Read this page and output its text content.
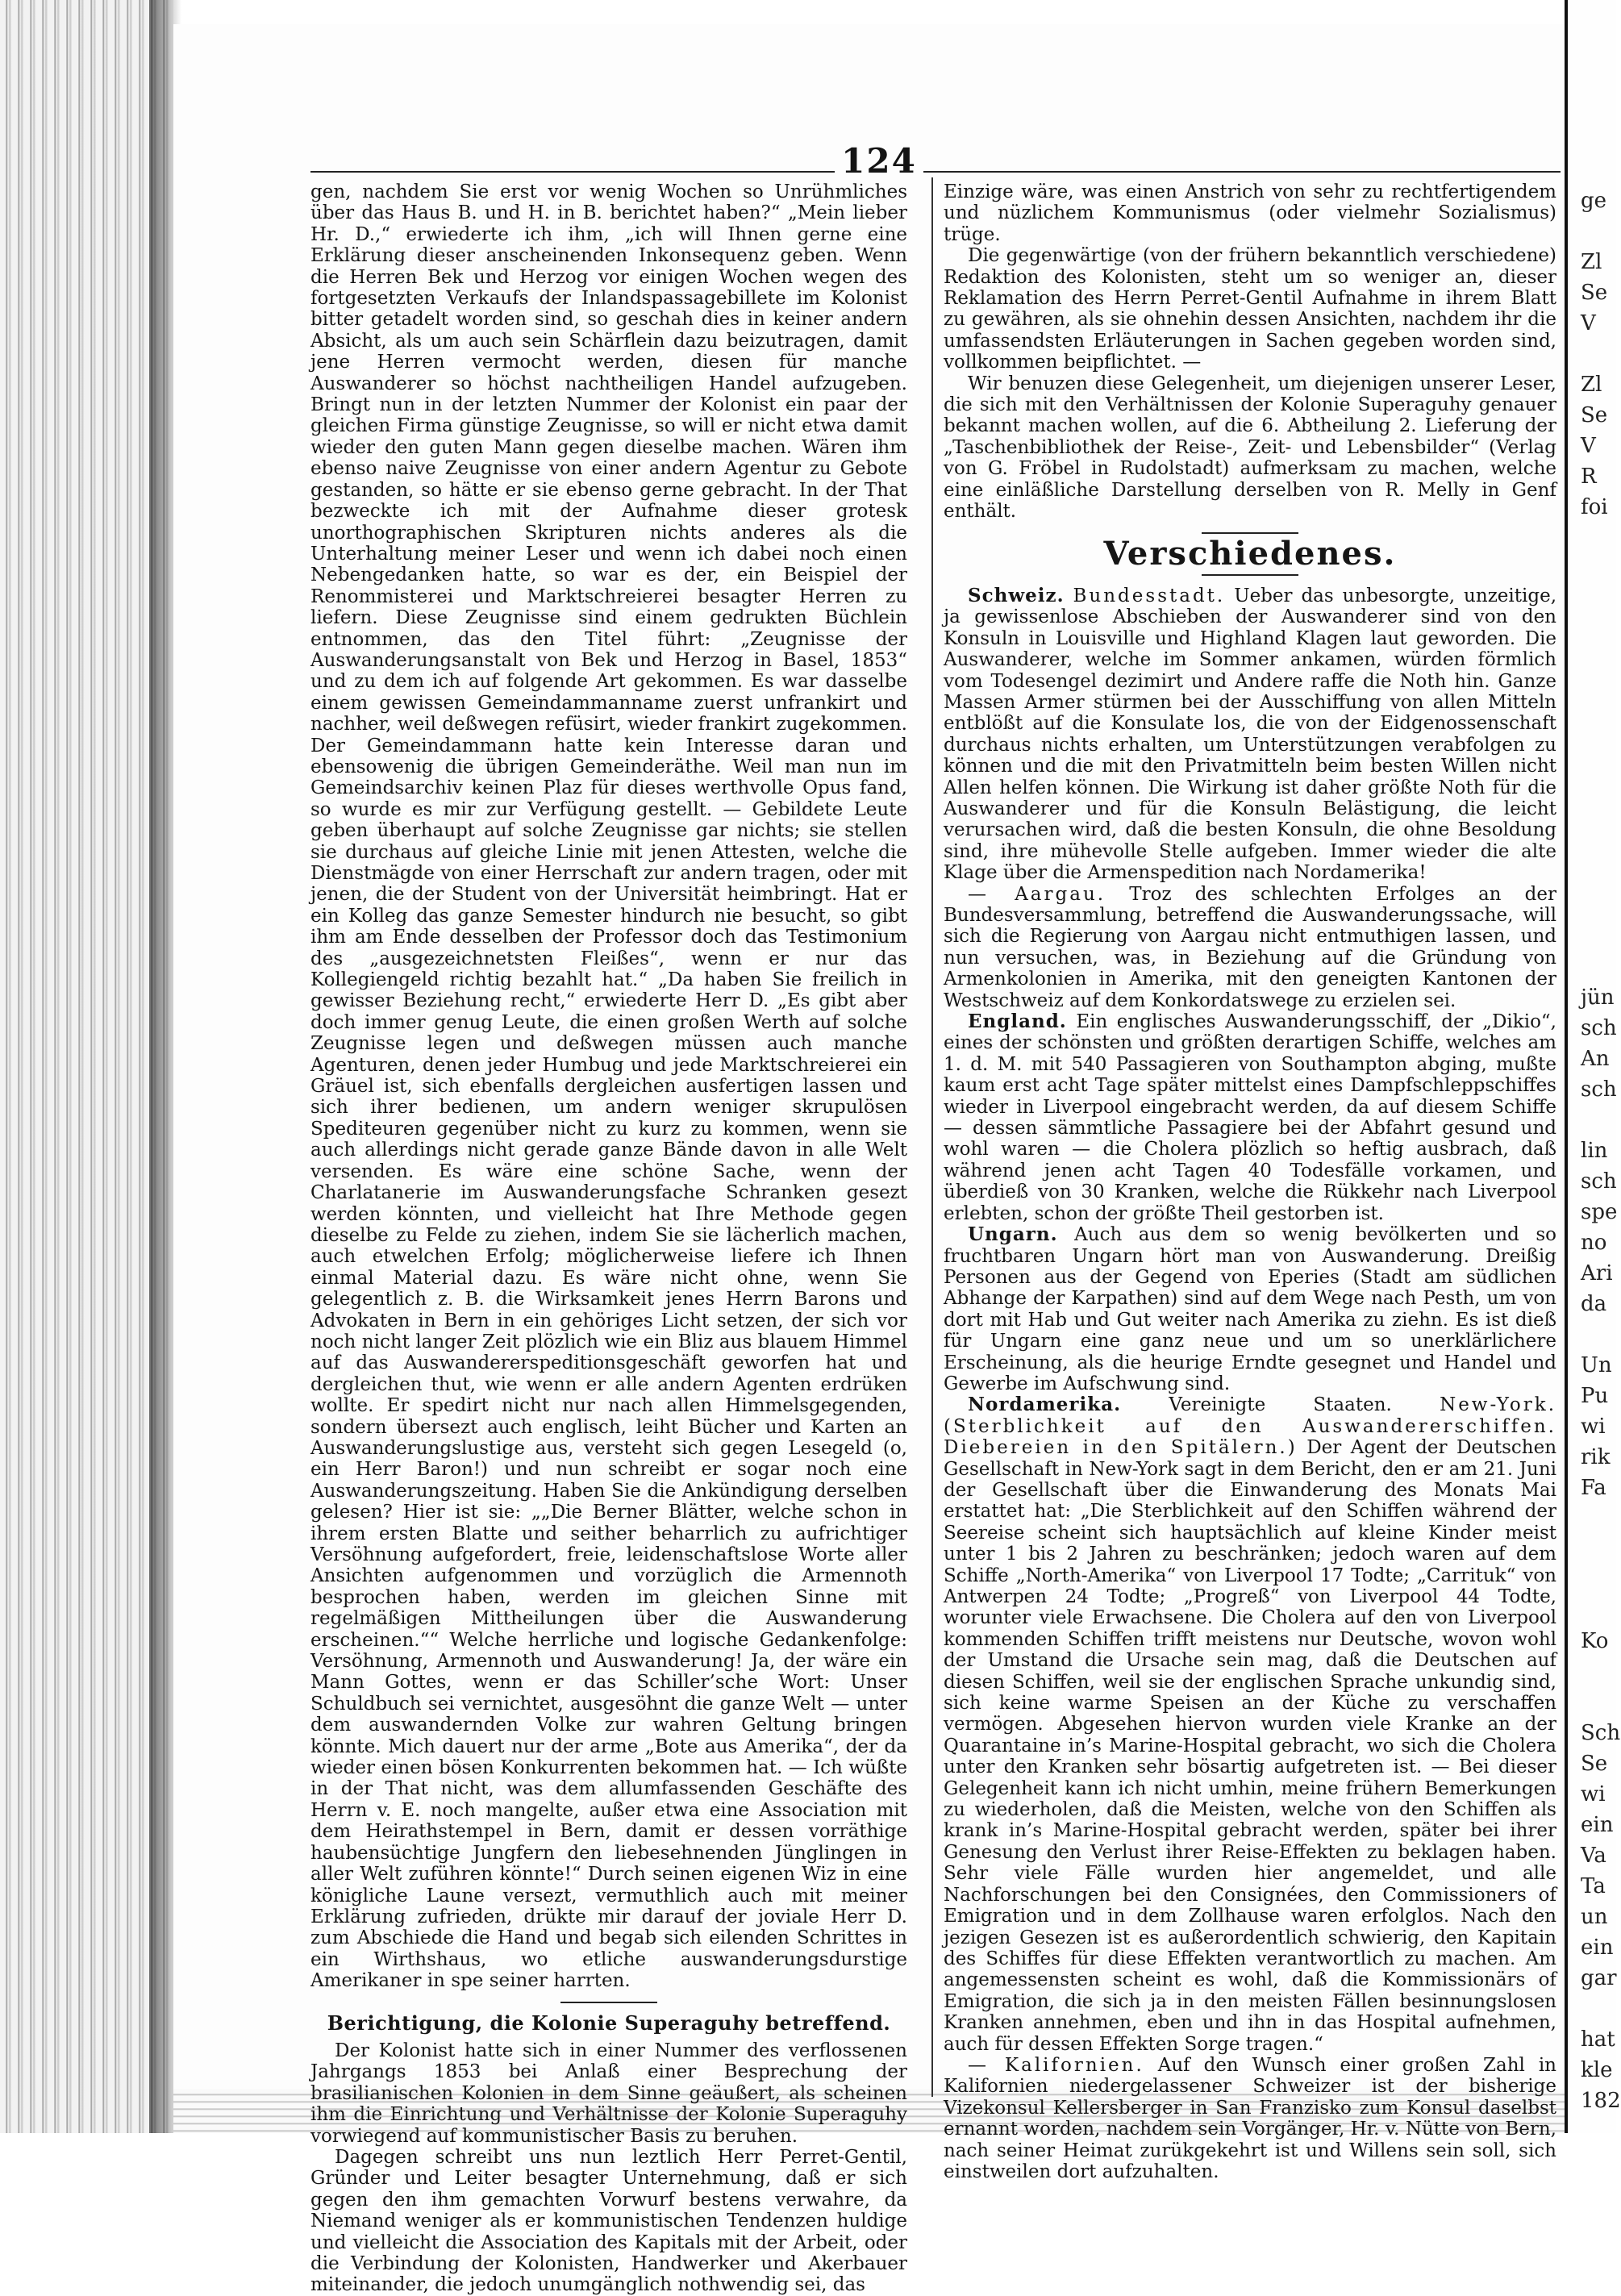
ge

Zl
Se
V

Zl
Se
V
R
foi

jün
sch
An
sch

lin
sch
spe
no
Ari
da

Un
Pu
wi
rik
Fa

Ko

Sch
Se
wi
ein
Va
Ta
un
ein
gar

hat
kle
182
124

gen, nachdem Sie erst vor wenig Wochen so Unrühmliches über das Haus B. und H. in B. berichtet haben?“ „Mein lieber Hr. D.,“ erwiederte ich ihm, „ich will Ihnen gerne eine Erklärung dieser anscheinenden Inkonsequenz geben. Wenn die Herren Bek und Herzog vor einigen Wochen wegen des fortgesetzten Verkaufs der Inlandspassagebillete im Kolonist bitter getadelt worden sind, so geschah dies in keiner andern Absicht, als um auch sein Schärflein dazu beizutragen, damit jene Herren vermocht werden, diesen für manche Auswanderer so höchst nachtheiligen Handel aufzugeben. Bringt nun in der letzten Nummer der Kolonist ein paar der gleichen Firma günstige Zeugnisse, so will er nicht etwa damit wieder den guten Mann gegen dieselbe machen. Wären ihm ebenso naive Zeugnisse von einer andern Agentur zu Gebote gestanden, so hätte er sie ebenso gerne gebracht. In der That bezweckte ich mit der Aufnahme dieser grotesk unorthographischen Skripturen nichts anderes als die Unterhaltung meiner Leser und wenn ich dabei noch einen Nebengedanken hatte, so war es der, ein Beispiel der Renommisterei und Marktschreierei besagter Herren zu liefern. Diese Zeugnisse sind einem gedrukten Büchlein entnommen, das den Titel führt: „Zeugnisse der Auswanderungsanstalt von Bek und Herzog in Basel, 1853“ und zu dem ich auf folgende Art gekommen. Es war dasselbe einem gewissen Gemeindammanname zuerst unfrankirt und nachher, weil deßwegen refüsirt, wieder frankirt zugekommen. Der Gemeindammann hatte kein Interesse daran und ebensowenig die übrigen Gemeinderäthe. Weil man nun im Gemeindsarchiv keinen Plaz für dieses werthvolle Opus fand, so wurde es mir zur Verfügung gestellt. — Gebildete Leute geben überhaupt auf solche Zeugnisse gar nichts; sie stellen sie durchaus auf gleiche Linie mit jenen Attesten, welche die Dienstmägde von einer Herrschaft zur andern tragen, oder mit jenen, die der Student von der Universität heimbringt. Hat er ein Kolleg das ganze Semester hindurch nie besucht, so gibt ihm am Ende desselben der Professor doch das Testimonium des „ausgezeichnetsten Fleißes“, wenn er nur das Kollegiengeld richtig bezahlt hat.“ „Da haben Sie freilich in gewisser Beziehung recht,“ erwiederte Herr D. „Es gibt aber doch immer genug Leute, die einen großen Werth auf solche Zeugnisse legen und deßwegen müssen auch manche Agenturen, denen jeder Humbug und jede Marktschreierei ein Gräuel ist, sich ebenfalls dergleichen ausfertigen lassen und sich ihrer bedienen, um andern weniger skrupulösen Spediteuren gegenüber nicht zu kurz zu kommen, wenn sie auch allerdings nicht gerade ganze Bände davon in alle Welt versenden. Es wäre eine schöne Sache, wenn der Charlatanerie im Auswanderungsfache Schranken gesezt werden könnten, und vielleicht hat Ihre Methode gegen dieselbe zu Felde zu ziehen, indem Sie sie lächerlich machen, auch etwelchen Erfolg; möglicherweise liefere ich Ihnen einmal Material dazu. Es wäre nicht ohne, wenn Sie gelegentlich z. B. die Wirksamkeit jenes Herrn Barons und Advokaten in Bern in ein gehöriges Licht setzen, der sich vor noch nicht langer Zeit plözlich wie ein Bliz aus blauem Himmel auf das Auswandererspeditionsgeschäft geworfen hat und dergleichen thut, wie wenn er alle andern Agenten erdrüken wollte. Er spedirt nicht nur nach allen Himmelsgegenden, sondern übersezt auch englisch, leiht Bücher und Karten an Auswanderungslustige aus, versteht sich gegen Lesegeld (o, ein Herr Baron!) und nun schreibt er sogar noch eine Auswanderungszeitung. Haben Sie die Ankündigung derselben gelesen? Hier ist sie: „„Die Berner Blätter, welche schon in ihrem ersten Blatte und seither beharrlich zu aufrichtiger Versöhnung aufgefordert, freie, leidenschaftslose Worte aller Ansichten aufgenommen und vorzüglich die Armennoth besprochen haben, werden im gleichen Sinne mit regelmäßigen Mittheilungen über die Auswanderung erscheinen.““ Welche herrliche und logische Gedankenfolge: Versöhnung, Armennoth und Auswanderung! Ja, der wäre ein Mann Gottes, wenn er das Schiller’sche Wort: Unser Schuldbuch sei vernichtet, ausgesöhnt die ganze Welt — unter dem auswandernden Volke zur wahren Geltung bringen könnte. Mich dauert nur der arme „Bote aus Amerika“, der da wieder einen bösen Konkurrenten bekommen hat. — Ich wüßte in der That nicht, was dem allumfassenden Geschäfte des Herrn v. E. noch mangelte, außer etwa eine Association mit dem Heirathstempel in Bern, damit er dessen vorräthige haubensüchtige Jungfern den liebesehnenden Jünglingen in aller Welt zuführen könnte!“ Durch seinen eigenen Wiz in eine königliche Laune versezt, vermuthlich auch mit meiner Erklärung zufrieden, drükte mir darauf der joviale Herr D. zum Abschiede die Hand und begab sich eilenden Schrittes in ein Wirthshaus, wo etliche auswanderungsdurstige Amerikaner in spe seiner harrten.

Berichtigung, die Kolonie Superaguhy betreffend.

Der Kolonist hatte sich in einer Nummer des verflossenen Jahrgangs 1853 bei Anlaß einer Besprechung der brasilianischen Kolonien in dem Sinne geäußert, als scheinen ihm die Einrichtung und Verhältnisse der Kolonie Superaguhy vorwiegend auf kommunistischer Basis zu beruhen.

Dagegen schreibt uns nun leztlich Herr Perret-Gentil, Gründer und Leiter besagter Unternehmung, daß er sich gegen den ihm gemachten Vorwurf bestens verwahre, da Niemand weniger als er kommunistischen Tendenzen huldige und vielleicht die Association des Kapitals mit der Arbeit, oder die Verbindung der Kolonisten, Handwerker und Akerbauer miteinander, die jedoch unumgänglich nothwendig sei, das

Einzige wäre, was einen Anstrich von sehr zu rechtfertigendem und nüzlichem Kommunismus (oder vielmehr Sozialismus) trüge.

Die gegenwärtige (von der frühern bekanntlich verschiedene) Redaktion des Kolonisten, steht um so weniger an, dieser Reklamation des Herrn Perret-Gentil Aufnahme in ihrem Blatt zu gewähren, als sie ohnehin dessen Ansichten, nachdem ihr die umfassendsten Erläuterungen in Sachen gegeben worden sind, vollkommen beipflichtet. —

Wir benuzen diese Gelegenheit, um diejenigen unserer Leser, die sich mit den Verhältnissen der Kolonie Superaguhy genauer bekannt machen wollen, auf die 6. Abtheilung 2. Lieferung der „Taschenbibliothek der Reise-, Zeit- und Lebensbilder“ (Verlag von G. Fröbel in Rudolstadt) aufmerksam zu machen, welche eine einläßliche Darstellung derselben von R. Melly in Genf enthält.

Verschiedenes.

Schweiz. Bundesstadt. Ueber das unbesorgte, unzeitige, ja gewissenlose Abschieben der Auswanderer sind von den Konsuln in Louisville und Highland Klagen laut geworden. Die Auswanderer, welche im Sommer ankamen, würden förmlich vom Todesengel dezimirt und Andere raffe die Noth hin. Ganze Massen Armer stürmen bei der Ausschiffung von allen Mitteln entblößt auf die Konsulate los, die von der Eidgenossenschaft durchaus nichts erhalten, um Unterstützungen verabfolgen zu können und die mit den Privatmitteln beim besten Willen nicht Allen helfen können. Die Wirkung ist daher größte Noth für die Auswanderer und für die Konsuln Belästigung, die leicht verursachen wird, daß die besten Konsuln, die ohne Besoldung sind, ihre mühevolle Stelle aufgeben. Immer wieder die alte Klage über die Armenspedition nach Nordamerika!

— Aargau. Troz des schlechten Erfolges an der Bundesversammlung, betreffend die Auswanderungssache, will sich die Regierung von Aargau nicht entmuthigen lassen, und nun versuchen, was, in Beziehung auf die Gründung von Armenkolonien in Amerika, mit den geneigten Kantonen der Westschweiz auf dem Konkordatswege zu erzielen sei.

England. Ein englisches Auswanderungsschiff, der „Dikio“, eines der schönsten und größten derartigen Schiffe, welches am 1. d. M. mit 540 Passagieren von Southampton abging, mußte kaum erst acht Tage später mittelst eines Dampfschleppschiffes wieder in Liverpool eingebracht werden, da auf diesem Schiffe — dessen sämmtliche Passagiere bei der Abfahrt gesund und wohl waren — die Cholera plözlich so heftig ausbrach, daß während jenen acht Tagen 40 Todesfälle vorkamen, und überdieß von 30 Kranken, welche die Rükkehr nach Liverpool erlebten, schon der größte Theil gestorben ist.

Ungarn. Auch aus dem so wenig bevölkerten und so fruchtbaren Ungarn hört man von Auswanderung. Dreißig Personen aus der Gegend von Eperies (Stadt am südlichen Abhange der Karpathen) sind auf dem Wege nach Pesth, um von dort mit Hab und Gut weiter nach Amerika zu ziehn. Es ist dieß für Ungarn eine ganz neue und um so unerklärlichere Erscheinung, als die heurige Erndte gesegnet und Handel und Gewerbe im Aufschwung sind.

Nordamerika.	Vereinigte Staaten.	New-York. (Sterblichkeit auf den Auswandererschiffen. Diebereien in den Spitälern.) Der Agent der Deutschen Gesellschaft in New-York sagt in dem Bericht, den er am 21. Juni der Gesellschaft über die Einwanderung des Monats Mai erstattet hat: „Die Sterblichkeit auf den Schiffen während der Seereise scheint sich hauptsächlich auf kleine Kinder meist unter 1 bis 2 Jahren zu beschränken; jedoch waren auf dem Schiffe „North-Amerika“ von Liverpool 17 Todte; „Carrituk“ von Antwerpen 24 Todte; „Progreß“ von Liverpool 44 Todte, worunter viele Erwachsene. Die Cholera auf den von Liverpool kommenden Schiffen trifft meistens nur Deutsche, wovon wohl der Umstand die Ursache sein mag, daß die Deutschen auf diesen Schiffen, weil sie der englischen Sprache unkundig sind, sich keine warme Speisen an der Küche zu verschaffen vermögen. Abgesehen hiervon wurden viele Kranke an der Quarantaine in’s Marine-Hospital gebracht, wo sich die Cholera unter den Kranken sehr bösartig aufgetreten ist. — Bei dieser Gelegenheit kann ich nicht umhin, meine frühern Bemerkungen zu wiederholen, daß die Meisten, welche von den Schiffen als krank in’s Marine-Hospital gebracht werden, später bei ihrer Genesung den Verlust ihrer Reise-Effekten zu beklagen haben. Sehr viele Fälle wurden hier angemeldet, und alle Nachforschungen bei den Consignées, den Commissioners of Emigration und in dem Zollhause waren erfolglos. Nach den jezigen Gesezen ist es außerordentlich schwierig, den Kapitain des Schiffes für diese Effekten verantwortlich zu machen. Am angemessensten scheint es wohl, daß die Kommissionärs of Emigration, die sich ja in den meisten Fällen besinnungslosen Kranken annehmen, eben und ihn in das Hospital aufnehmen, auch für dessen Effekten Sorge tragen.“

— Kalifornien. Auf den Wunsch einer großen Zahl in Kalifornien niedergelassener Schweizer ist der bisherige Vizekonsul Kellersberger in San Franzisko zum Konsul daselbst ernannt worden, nachdem sein Vorgänger, Hr. v. Nütte von Bern, nach seiner Heimat zurükgekehrt ist und Willens sein soll, sich einstweilen dort aufzuhalten.
